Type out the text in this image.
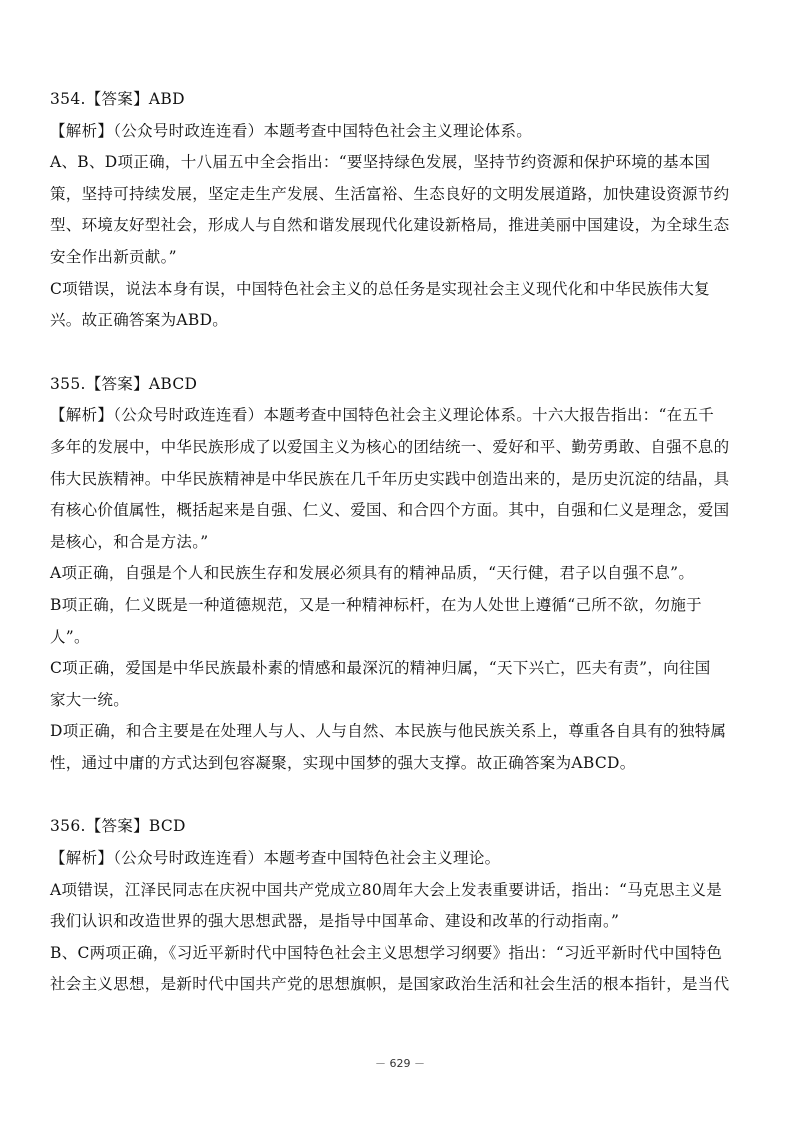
354.【答案】ABD
【解析】（公众号时政连连看）本题考查中国特色社会主义理论体系。
A、B、D项正确，十八届五中全会指出：“要坚持绿色发展，坚持节约资源和保护环境的基本国
策，坚持可持续发展，坚定走生产发展、生活富裕、生态良好的文明发展道路，加快建设资源节约
型、环境友好型社会，形成人与自然和谐发展现代化建设新格局，推进美丽中国建设，为全球生态
安全作出新贡献。”
C项错误，说法本身有误，中国特色社会主义的总任务是实现社会主义现代化和中华民族伟大复
兴。故正确答案为ABD。
355.【答案】ABCD
【解析】（公众号时政连连看）本题考查中国特色社会主义理论体系。十六大报告指出：“在五千
多年的发展中，中华民族形成了以爱国主义为核心的团结统一、爱好和平、勤劳勇敢、自强不息的
伟大民族精神。中华民族精神是中华民族在几千年历史实践中创造出来的，是历史沉淀的结晶，具
有核心价值属性，概括起来是自强、仁义、爱国、和合四个方面。其中，自强和仁义是理念，爱国
是核心，和合是方法。”
A项正确，自强是个人和民族生存和发展必须具有的精神品质，“天行健，君子以自强不息”。
B项正确，仁义既是一种道德规范，又是一种精神标杆，在为人处世上遵循“己所不欲，勿施于
人”。
C项正确，爱国是中华民族最朴素的情感和最深沉的精神归属，“天下兴亡，匹夫有责”，向往国
家大一统。
D项正确，和合主要是在处理人与人、人与自然、本民族与他民族关系上，尊重各自具有的独特属
性，通过中庸的方式达到包容凝聚，实现中国梦的强大支撑。故正确答案为ABCD。
356.【答案】BCD
【解析】（公众号时政连连看）本题考查中国特色社会主义理论。
A项错误，江泽民同志在庆祝中国共产党成立80周年大会上发表重要讲话，指出：“马克思主义是
我们认识和改造世界的强大思想武器，是指导中国革命、建设和改革的行动指南。”
B、C两项正确，《习近平新时代中国特色社会主义思想学习纲要》指出：“习近平新时代中国特色
社会主义思想，是新时代中国共产党的思想旗帜，是国家政治生活和社会生活的根本指针，是当代
－ 629 －
